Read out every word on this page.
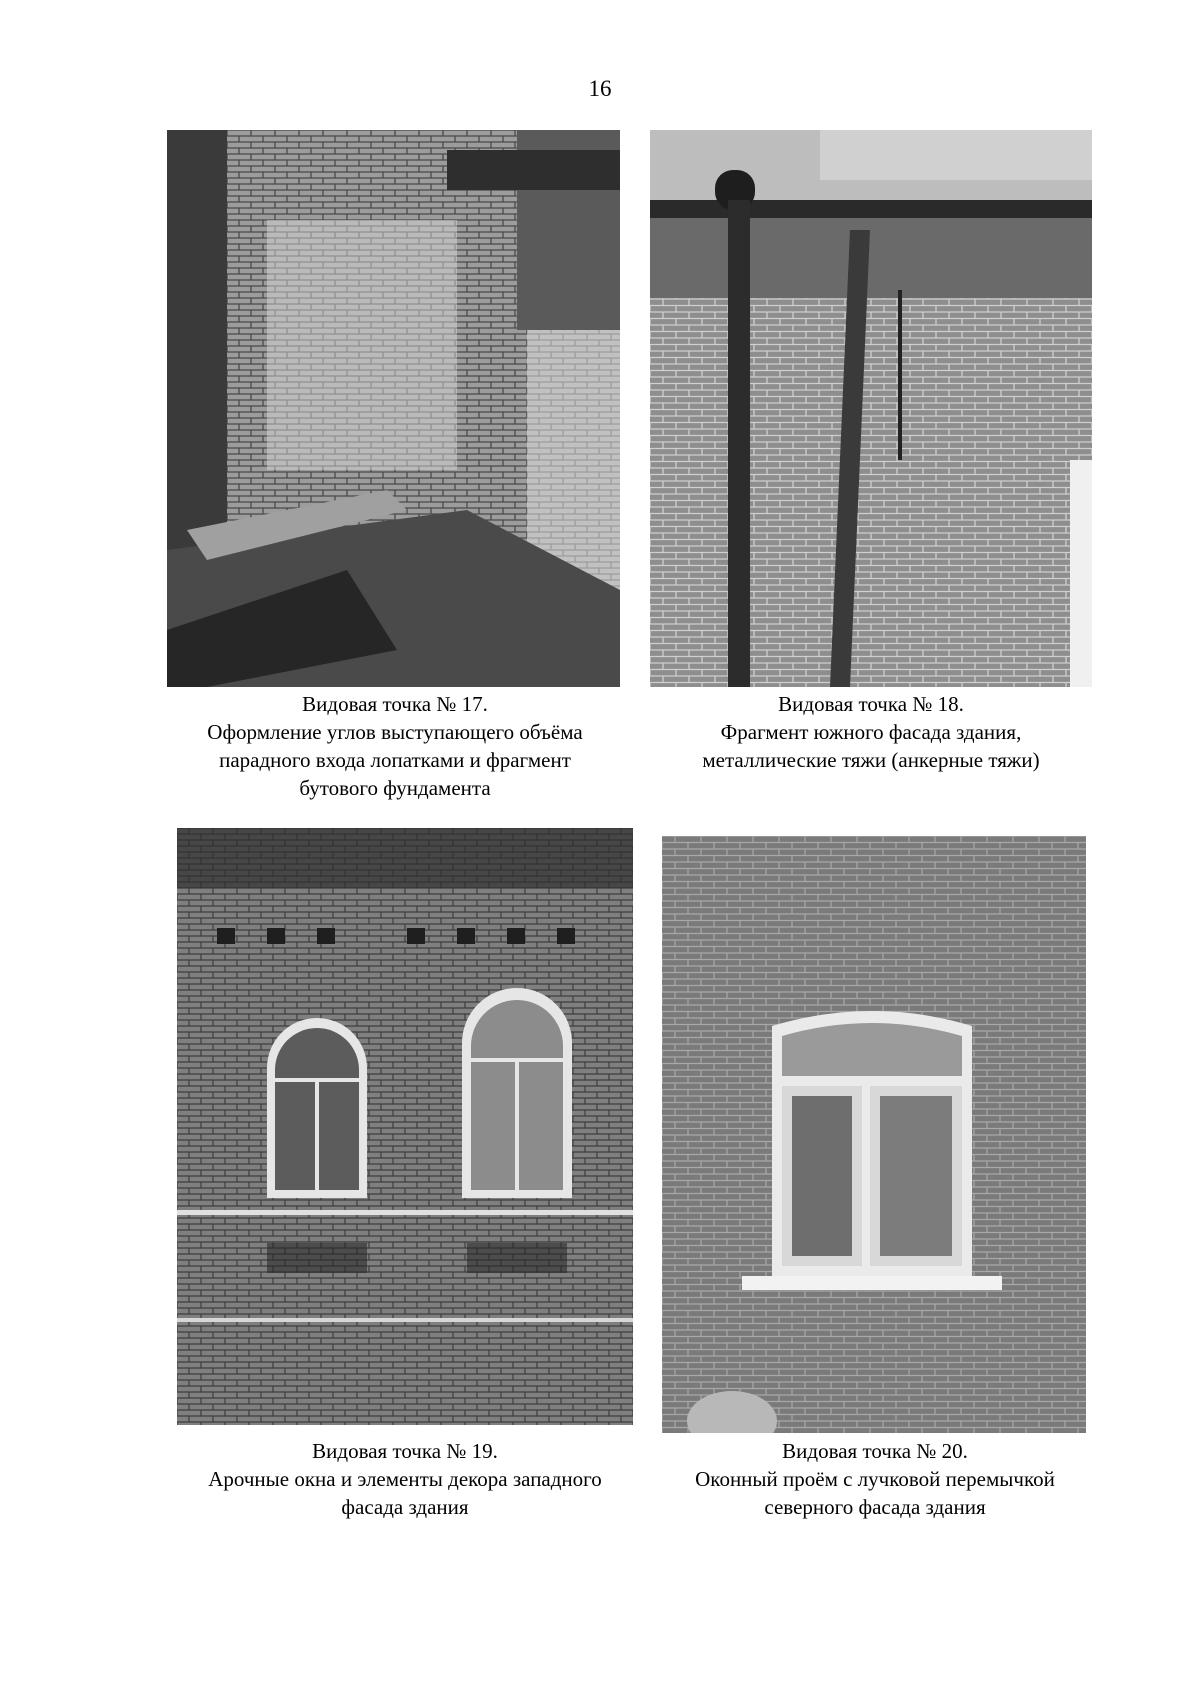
16
Видовая точка № 17.
Оформление углов выступающего объёма
парадного входа лопатками и фрагмент
бутового фундамента
Видовая точка № 18.
Фрагмент южного фасада здания,
металлические тяжи (анкерные тяжи)
Видовая точка № 19.
Арочные окна и элементы декора западного
фасада здания
Видовая точка № 20.
Оконный проём с лучковой перемычкой
северного фасада здания
